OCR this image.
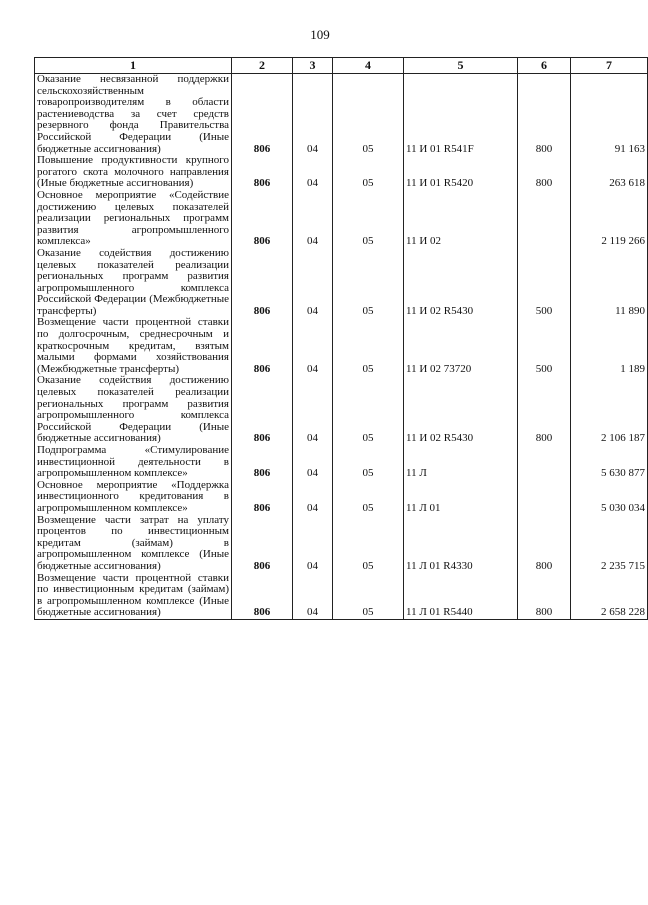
109
1	2	3	4	5	6	7
Оказание несвязанной поддержки сельскохозяйственным товаропроизводителям в области растениеводства за счет средств резервного фонда Правительства Российской Федерации (Иные бюджетные ассигнования)	806	04	05	11 И 01 R541F	800	91 163
Повышение продуктивности крупного рогатого скота молочного направления (Иные бюджетные ассигнования)	806	04	05	11 И 01 R5420	800	263 618
Основное мероприятие «Содействие достижению целевых показателей реализации региональных программ развития агропромышленного комплекса»	806	04	05	11 И 02		2 119 266
Оказание содействия достижению целевых показателей реализации региональных программ развития агропромышленного комплекса Российской Федерации (Межбюджетные трансферты)	806	04	05	11 И 02 R5430	500	11 890
Возмещение части процентной ставки по долгосрочным, среднесрочным и краткосрочным кредитам, взятым малыми формами хозяйствования (Межбюджетные трансферты)	806	04	05	11 И 02 73720	500	1 189
Оказание содействия достижению целевых показателей реализации региональных программ развития агропромышленного комплекса Российской Федерации (Иные бюджетные ассигнования)	806	04	05	11 И 02 R5430	800	2 106 187
Подпрограмма «Стимулирование инвестиционной деятельности в агропромышленном комплексе»	806	04	05	11 Л		5 630 877
Основное мероприятие «Поддержка инвестиционного кредитования в агропромышленном комплексе»	806	04	05	11 Л 01		5 030 034
Возмещение части затрат на уплату процентов по инвестиционным кредитам (займам) в агропромышленном комплексе (Иные бюджетные ассигнования)	806	04	05	11 Л 01 R4330	800	2 235 715
Возмещение части процентной ставки по инвестиционным кредитам (займам) в агропромышленном комплексе (Иные бюджетные ассигнования)	806	04	05	11 Л 01 R5440	800	2 658 228
